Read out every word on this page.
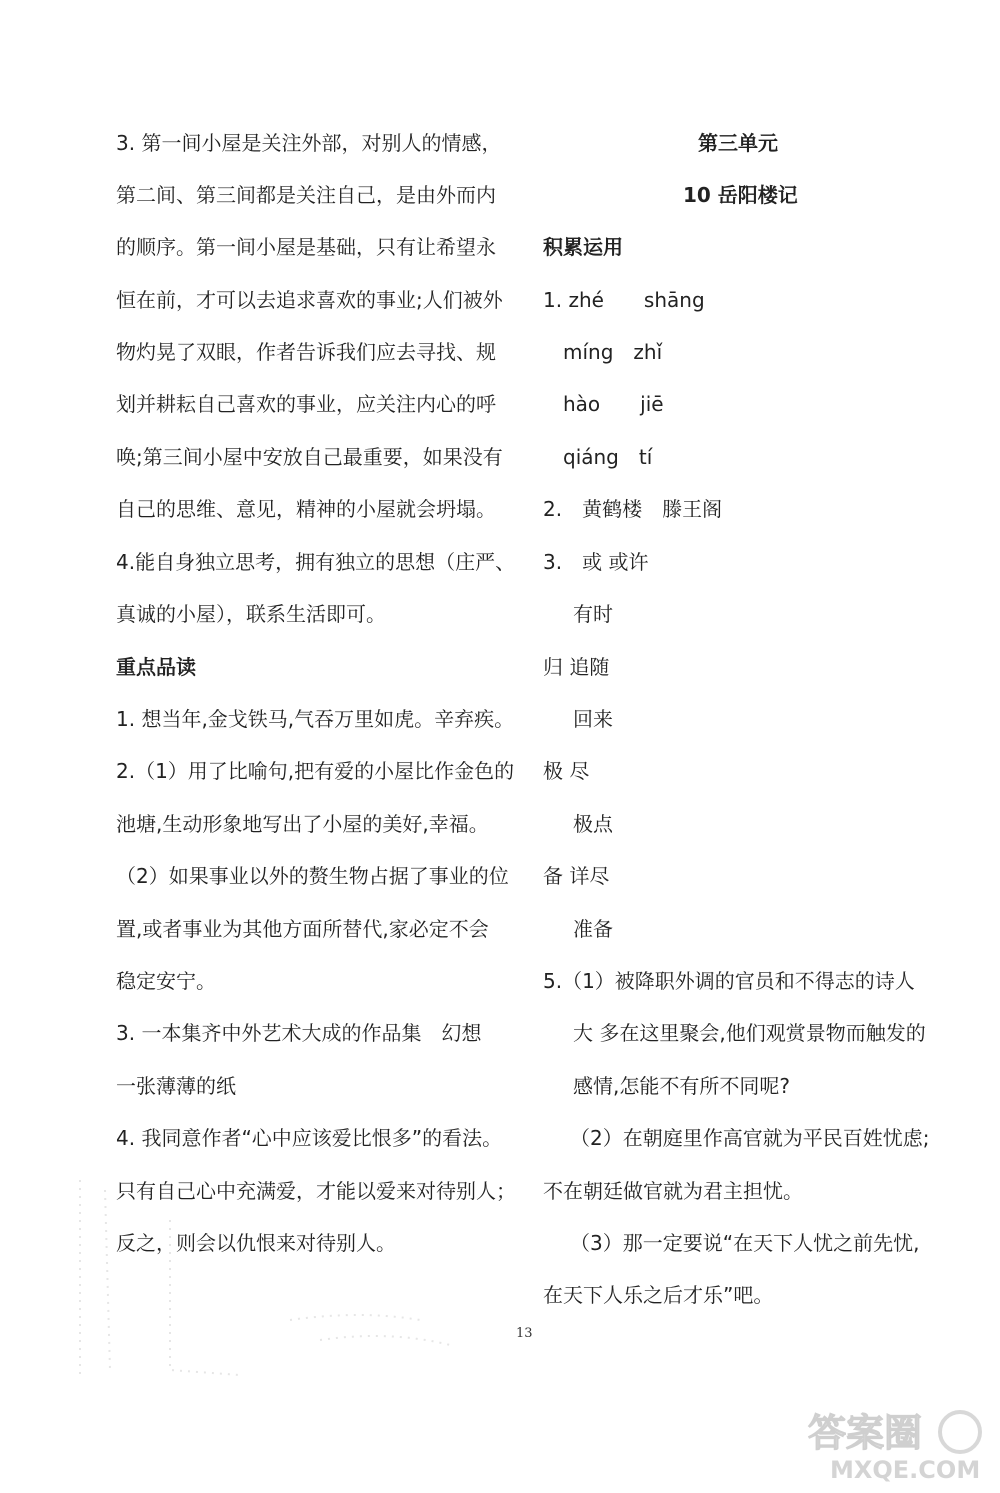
3. 第一间小屋是关注外部，对别人的情感，
第二间、第三间都是关注自己，是由外而内
的顺序。第一间小屋是基础，只有让希望永
恒在前，才可以去追求喜欢的事业;人们被外
物灼晃了双眼，作者告诉我们应去寻找、规
划并耕耘自己喜欢的事业，应关注内心的呼
唤;第三间小屋中安放自己最重要，如果没有
自己的思维、意见，精神的小屋就会坍塌。
4.能自身独立思考，拥有独立的思想（庄严、
真诚的小屋），联系生活即可。
重点品读
1. 想当年,金戈铁马,气吞万里如虎。辛弃疾。
2.（1）用了比喻句,把有爱的小屋比作金色的
池塘,生动形象地写出了小屋的美好,幸福。
（2）如果事业以外的赘生物占据了事业的位
置,或者事业为其他方面所替代,家必定不会
稳定安宁。
3. 一本集齐中外艺术大成的作品集　幻想
一张薄薄的纸
4. 我同意作者“心中应该爱比恨多”的看法。
只有自己心中充满爱，才能以爱来对待别人；
反之，则会以仇恨来对待别人。
第三单元
10 岳阳楼记
积累运用
1. zhé　　shāng
míng　zhǐ
hào　　jiē
qiáng　tí
2.　黄鹤楼　滕王阁
3.　或 或许
有时
归 追随
回来
极 尽
极点
备 详尽
准备
5.（1）被降职外调的官员和不得志的诗人
大 多在这里聚会,他们观赏景物而触发的
感情,怎能不有所不同呢?
（2）在朝庭里作高官就为平民百姓忧虑;
不在朝廷做官就为君主担忧。
（3）那一定要说“在天下人忧之前先忧,
在天下人乐之后才乐”吧。
13
答案圈
MXQE.COM
